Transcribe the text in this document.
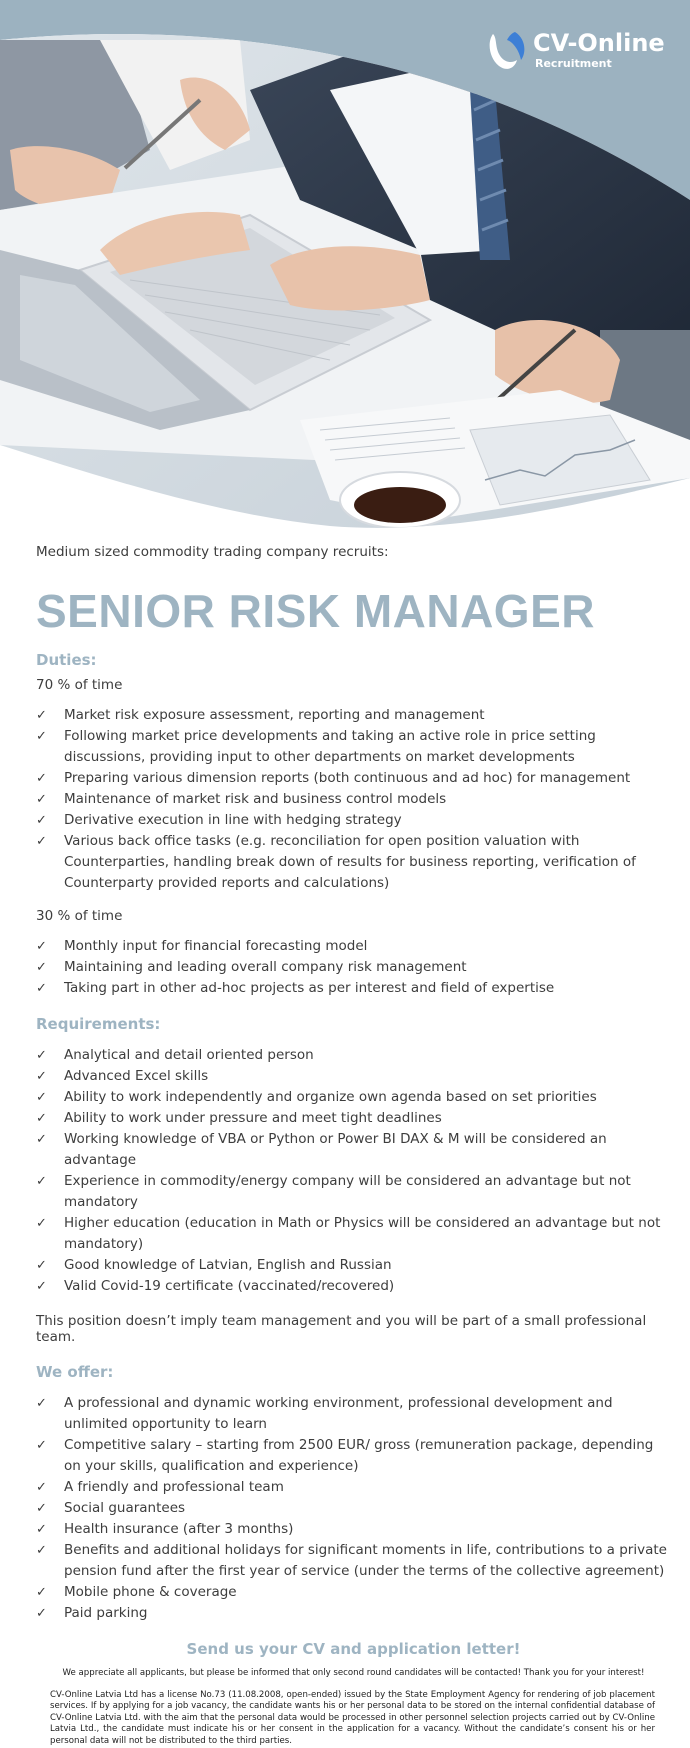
CV-Online
Recruitment
Medium sized commodity trading company recruits:
SENIOR RISK MANAGER
Duties:
70 % of time
✓ Market risk exposure assessment, reporting and management
✓ Following market price developments and taking an active role in price setting discussions, providing input to other departments on market developments
✓ Preparing various dimension reports (both continuous and ad hoc) for management
✓ Maintenance of market risk and business control models
✓ Derivative execution in line with hedging strategy
✓ Various back office tasks (e.g. reconciliation for open position valuation with Counterparties, handling break down of results for business reporting, verification of Counterparty provided reports and calculations)
30 % of time
✓ Monthly input for financial forecasting model
✓ Maintaining and leading overall company risk management
✓ Taking part in other ad-hoc projects as per interest and field of expertise
Requirements:
✓ Analytical and detail oriented person
✓ Advanced Excel skills
✓ Ability to work independently and organize own agenda based on set priorities
✓ Ability to work under pressure and meet tight deadlines
✓ Working knowledge of VBA or Python or Power BI DAX & M will be considered an advantage
✓ Experience in commodity/energy company will be considered an advantage but not mandatory
✓ Higher education (education in Math or Physics will be considered an advantage but not mandatory)
✓ Good knowledge of Latvian, English and Russian
✓ Valid Covid-19 certificate (vaccinated/recovered)
This position doesn’t imply team management and you will be part of a small professional team.
We offer:
✓ A professional and dynamic working environment, professional development and unlimited opportunity to learn
✓ Competitive salary – starting from 2500 EUR/ gross (remuneration package, depending on your skills, qualification and experience)
✓ A friendly and professional team
✓ Social guarantees
✓ Health insurance (after 3 months)
✓ Benefits and additional holidays for significant moments in life, contributions to a private pension fund after the first year of service (under the terms of the collective agreement)
✓ Mobile phone & coverage
✓ Paid parking
Send us your CV and application letter!
We appreciate all applicants, but please be informed that only second round candidates will be contacted! Thank you for your interest!
CV-Online Latvia Ltd has a license No.73 (11.08.2008, open-ended) issued by the State Employment Agency for rendering of job placement services. If by applying for a job vacancy, the candidate wants his or her personal data to be stored on the internal confidential database of CV-Online Latvia Ltd. with the aim that the personal data would be processed in other personnel selection projects carried out by CV-Online Latvia Ltd., the candidate must indicate his or her consent in the application for a vacancy. Without the candidate’s consent his or her personal data will not be distributed to the third parties.
